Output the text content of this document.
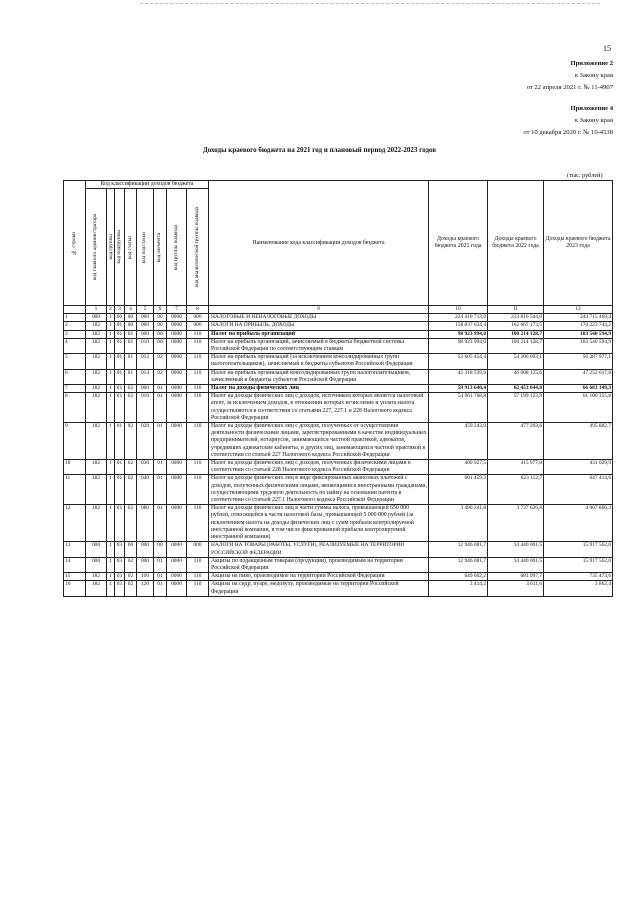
15
Приложение 2
к Закону края
от 22 апреля 2021 г. № 11-4907
Приложение 4
к Закону края
от 10 декабря 2020 г. № 10-4538
Доходы краевого бюджета на 2021 год и плановый период 2022-2023 годов
(тыс. рублей)
№ строки	Код классификации доходов бюджета								Наименование кода классификации доходов бюджета	Доходы краевого бюджета 2021 года	Доходы краевого бюджета 2022 года	Доходы краевого бюджета 2023 года

	код главного администратора	код группы	код подгруппы	код статьи	код подстатьи	код элемента	код группы подвида	код аналитической группы подвида				

	1	2	3	4	5	6	7	8	9	10	11	12
1	000	1	00	00	000	00	0000	000	НАЛОГОВЫЕ И НЕНАЛОГОВЫЕ ДОХОДЫ	224 410 713,0	233 816 544,0	244 715 469,4
2	182	1	01	00	000	00	0000	000	НАЛОГИ НА ПРИБЫЛЬ, ДОХОДЫ	158 837 634,4	162 667 173,5	170 223 744,2
3	182	1	01	01	000	00	0000	110	Налог на прибыль организаций	98 923 994,0	100 214 128,7	103 540 594,9
4	182	1	01	01	010	00	0000	110	Налог на прибыль организаций, зачисляемый в бюджеты бюджетной системы Российской Федерации по соответствующим ставкам	98 923 994,0	100 214 128,7	103 540 594,9
5	182	1	01	01	012	02	0000	110	Налог на прибыль организаций (за исключением консолидированных групп налогоплательщиков), зачисляемый в бюджеты субъектов Российской Федерации	53 605 454,4	54 206 003,1	56 287 977,1
6	182	1	01	01	014	02	0000	110	Налог на прибыль организаций консолидированных групп налогоплательщиков, зачисляемый в бюджеты субъектов Российской Федерации	45 318 539,6	46 008 125,6	47 252 617,8
7	182	1	01	02	000	01	0000	110	Налог на доходы физических лиц	59 913 640,4	62 453 044,8	66 683 149,3
8	182	1	01	02	010	01	0000	110	Налог на доходы физических лиц с доходов, источником которых является налоговый агент, за исключением доходов, в отношении которых исчисление и уплата налога осуществляются в соответствии со статьями 227, 227.1 и 228 Налогового кодекса Российской Федерации	54 961 768,8	57 199 123,9	61 100 355,8
9	182	1	01	02	020	01	0000	110	Налог на доходы физических лиц с доходов, полученных от осуществления деятельности физическими лицами, зарегистрированными в качестве индивидуальных предпринимателей, нотариусов, занимающихся частной практикой, адвокатов, учредивших адвокатские кабинеты, и других лиц, занимающихся частной практикой в соответствии со статьей 227 Налогового кодекса Российской Федерации	459 243,0	477 203,6	495 882,7
10	182	1	01	02	030	01	0000	110	Налог на доходы физических лиц с доходов, полученных физическими лицами в соответствии со статьей 228 Налогового кодекса Российской Федерации	400 927,5	415 977,8	431 629,9
11	182	1	01	02	040	01	0000	110	Налог на доходы физических лиц в виде фиксированных авансовых платежей с доходов, полученных физическими лицами, являющимися иностранными гражданами, осуществляющими трудовую деятельность по найму на основании патента в соответствии со статьей 227.1 Налогового кодекса Российской Федерации	601 459,3	623 112,7	647 414,6
12	182	1	01	02	080	01	0000	110	Налог на доходы физических лиц в части суммы налога, превышающей 650 000 рублей, относящейся к части налоговой базы, превышающей 5 000 000 рублей (за исключением налога на доходы физических лиц с сумм прибыли контролируемой иностранной компании, в том числе фиксированной прибыли контролируемой иностранной компании)	3 490 241,8	3 737 626,8	4 007 866,3
13	000	1	03	00	000	00	0000	000	НАЛОГИ НА ТОВАРЫ (РАБОТЫ, УСЛУГИ), РЕАЛИЗУЕМЫЕ НА ТЕРРИТОРИИ РОССИЙСКОЙ ФЕДЕРАЦИИ	12 946 081,7	14 440 001,5	15 917 562,0
14	000	1	03	02	000	01	0000	110	Акцизы по подакцизным товарам (продукции), производимым на территории Российской Федерации	12 946 081,7	14 440 001,5	15 917 562,0
15	182	1	03	02	100	01	0000	110	Акцизы на пиво, производимое на территории Российской Федерации	649 602,2	681 997,7	735 473,6
16	182	1	03	02	120	01	0000	110	Акцизы на сидр, пуаре, медовуху, производимые на территории Российской Федерации	3 414,2	3 611,6	3 862,4
